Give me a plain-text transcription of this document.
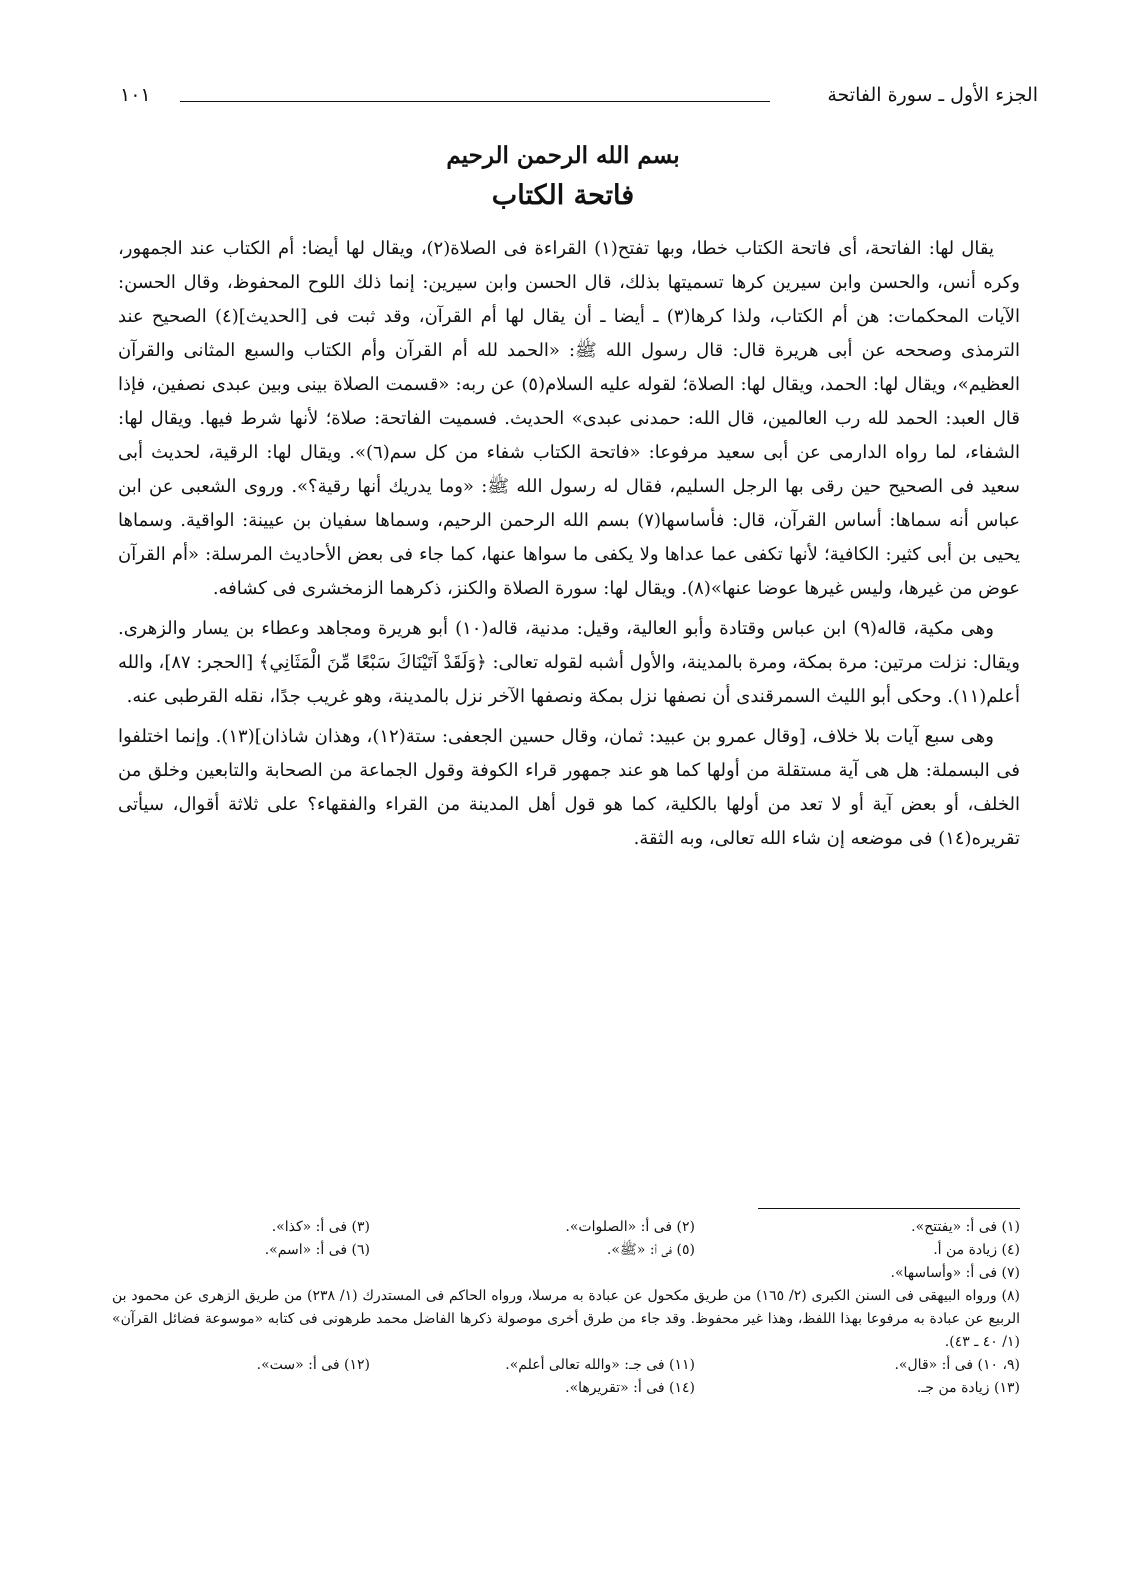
الجزء الأول ـ سورة الفاتحة
١٠١
بسم الله الرحمن الرحيم
فاتحة الكتاب

يقال لها: الفاتحة، أى فاتحة الكتاب خطا، وبها تفتح(١) القراءة فى الصلاة(٢)، ويقال لها أيضا: أم الكتاب عند الجمهور، وكره أنس، والحسن وابن سيرين كرها تسميتها بذلك، قال الحسن وابن سيرين: إنما ذلك اللوح المحفوظ، وقال الحسن: الآيات المحكمات: هن أم الكتاب، ولذا كرها(٣) ـ أيضا ـ أن يقال لها أم القرآن، وقد ثبت فى [الحديث](٤) الصحيح عند الترمذى وصححه عن أبى هريرة قال: قال رسول الله ﷺ: «الحمد لله أم القرآن وأم الكتاب والسبع المثانى والقرآن العظيم»، ويقال لها: الحمد، ويقال لها: الصلاة؛ لقوله عليه السلام(٥) عن ربه: «قسمت الصلاة بينى وبين عبدى نصفين، فإذا قال العبد: الحمد لله رب العالمين، قال الله: حمدنى عبدى» الحديث. فسميت الفاتحة: صلاة؛ لأنها شرط فيها. ويقال لها: الشفاء، لما رواه الدارمى عن أبى سعيد مرفوعا: «فاتحة الكتاب شفاء من كل سم(٦)». ويقال لها: الرقية، لحديث أبى سعيد فى الصحيح حين رقى بها الرجل السليم، فقال له رسول الله ﷺ: «وما يدريك أنها رقية؟». وروى الشعبى عن ابن عباس أنه سماها: أساس القرآن، قال: فأساسها(٧) بسم الله الرحمن الرحيم، وسماها سفيان بن عيينة: الواقية. وسماها يحيى بن أبى كثير: الكافية؛ لأنها تكفى عما عداها ولا يكفى ما سواها عنها، كما جاء فى بعض الأحاديث المرسلة: «أم القرآن عوض من غيرها، وليس غيرها عوضا عنها»(٨). ويقال لها: سورة الصلاة والكنز، ذكرهما الزمخشرى فى كشافه.

وهى مكية، قاله(٩) ابن عباس وقتادة وأبو العالية، وقيل: مدنية، قاله(١٠) أبو هريرة ومجاهد وعطاء بن يسار والزهرى. ويقال: نزلت مرتين: مرة بمكة، ومرة بالمدينة، والأول أشبه لقوله تعالى: ﴿وَلَقَدْ آتَيْنَاكَ سَبْعًا مِّنَ الْمَثَانِي﴾ [الحجر: ٨٧]، والله أعلم(١١). وحكى أبو الليث السمرقندى أن نصفها نزل بمكة ونصفها الآخر نزل بالمدينة، وهو غريب جدًا، نقله القرطبى عنه.

وهى سبع آيات بلا خلاف، [وقال عمرو بن عبيد: ثمان، وقال حسين الجعفى: ستة(١٢)، وهذان شاذان](١٣). وإنما اختلفوا فى البسملة: هل هى آية مستقلة من أولها كما هو عند جمهور قراء الكوفة وقول الجماعة من الصحابة والتابعين وخلق من الخلف، أو بعض آية أو لا تعد من أولها بالكلية، كما هو قول أهل المدينة من القراء والفقهاء؟ على ثلاثة أقوال، سيأتى تقريره(١٤) فى موضعه إن شاء الله تعالى، وبه الثقة.

(١) فى أ: «يفتتح».
(٢) فى أ: «الصلوات».
(٣) فى أ: «كذا».
(٤) زيادة من أ.
(٥) فى أ: «ﷺ».
(٦) فى أ: «اسم».
(٧) فى أ: «وأساسها».
(٨) ورواه البيهقى فى السنن الكبرى (٢/ ١٦٥) من طريق مكحول عن عبادة به مرسلا، ورواه الحاكم فى المستدرك (١/ ٢٣٨) من طريق الزهرى عن محمود بن الربيع عن عبادة به مرفوعا بهذا اللفظ، وهذا غير محفوظ. وقد جاء من طرق أخرى موصولة ذكرها الفاضل محمد طرهونى فى كتابه «موسوعة فضائل القرآن» (١/ ٤٠ ـ ٤٣).
(٩، ١٠) فى أ: «قال».
(١١) فى جـ: «والله تعالى أعلم».
(١٢) فى أ: «ست».
(١٣) زيادة من جـ.
(١٤) فى أ: «تقريرها».
